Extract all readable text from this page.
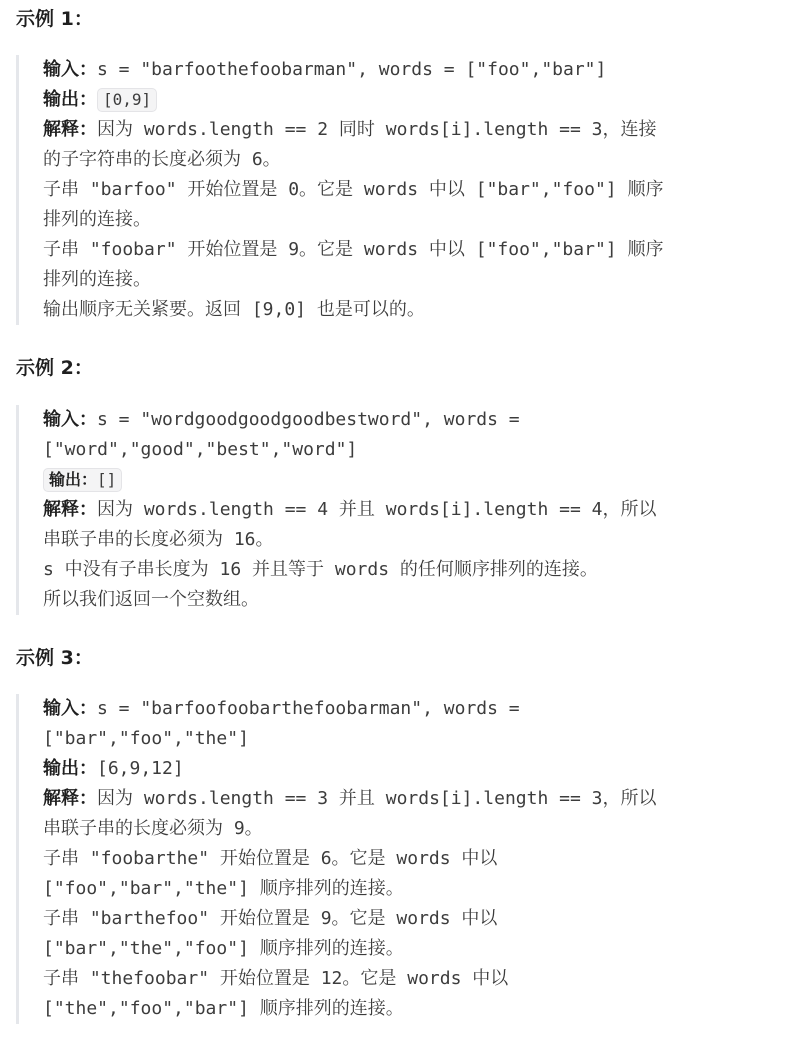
示例 1：
输入：s = "barfoothefoobarman", words = ["foo","bar"]
输出： [0,9]
解释：因为 words.length == 2 同时 words[i].length == 3，连接
的子字符串的长度必须为 6。
子串 "barfoo" 开始位置是 0。它是 words 中以 ["bar","foo"] 顺序
排列的连接。
子串 "foobar" 开始位置是 9。它是 words 中以 ["foo","bar"] 顺序
排列的连接。
输出顺序无关紧要。返回 [9,0] 也是可以的。
示例 2：
输入：s = "wordgoodgoodgoodbestword", words =
["word","good","best","word"]
输出：[]
解释：因为 words.length == 4 并且 words[i].length == 4，所以
串联子串的长度必须为 16。
s 中没有子串长度为 16 并且等于 words 的任何顺序排列的连接。
所以我们返回一个空数组。
示例 3：
输入：s = "barfoofoobarthefoobarman", words =
["bar","foo","the"]
输出：[6,9,12]
解释：因为 words.length == 3 并且 words[i].length == 3，所以
串联子串的长度必须为 9。
子串 "foobarthe" 开始位置是 6。它是 words 中以
["foo","bar","the"] 顺序排列的连接。
子串 "barthefoo" 开始位置是 9。它是 words 中以
["bar","the","foo"] 顺序排列的连接。
子串 "thefoobar" 开始位置是 12。它是 words 中以
["the","foo","bar"] 顺序排列的连接。
